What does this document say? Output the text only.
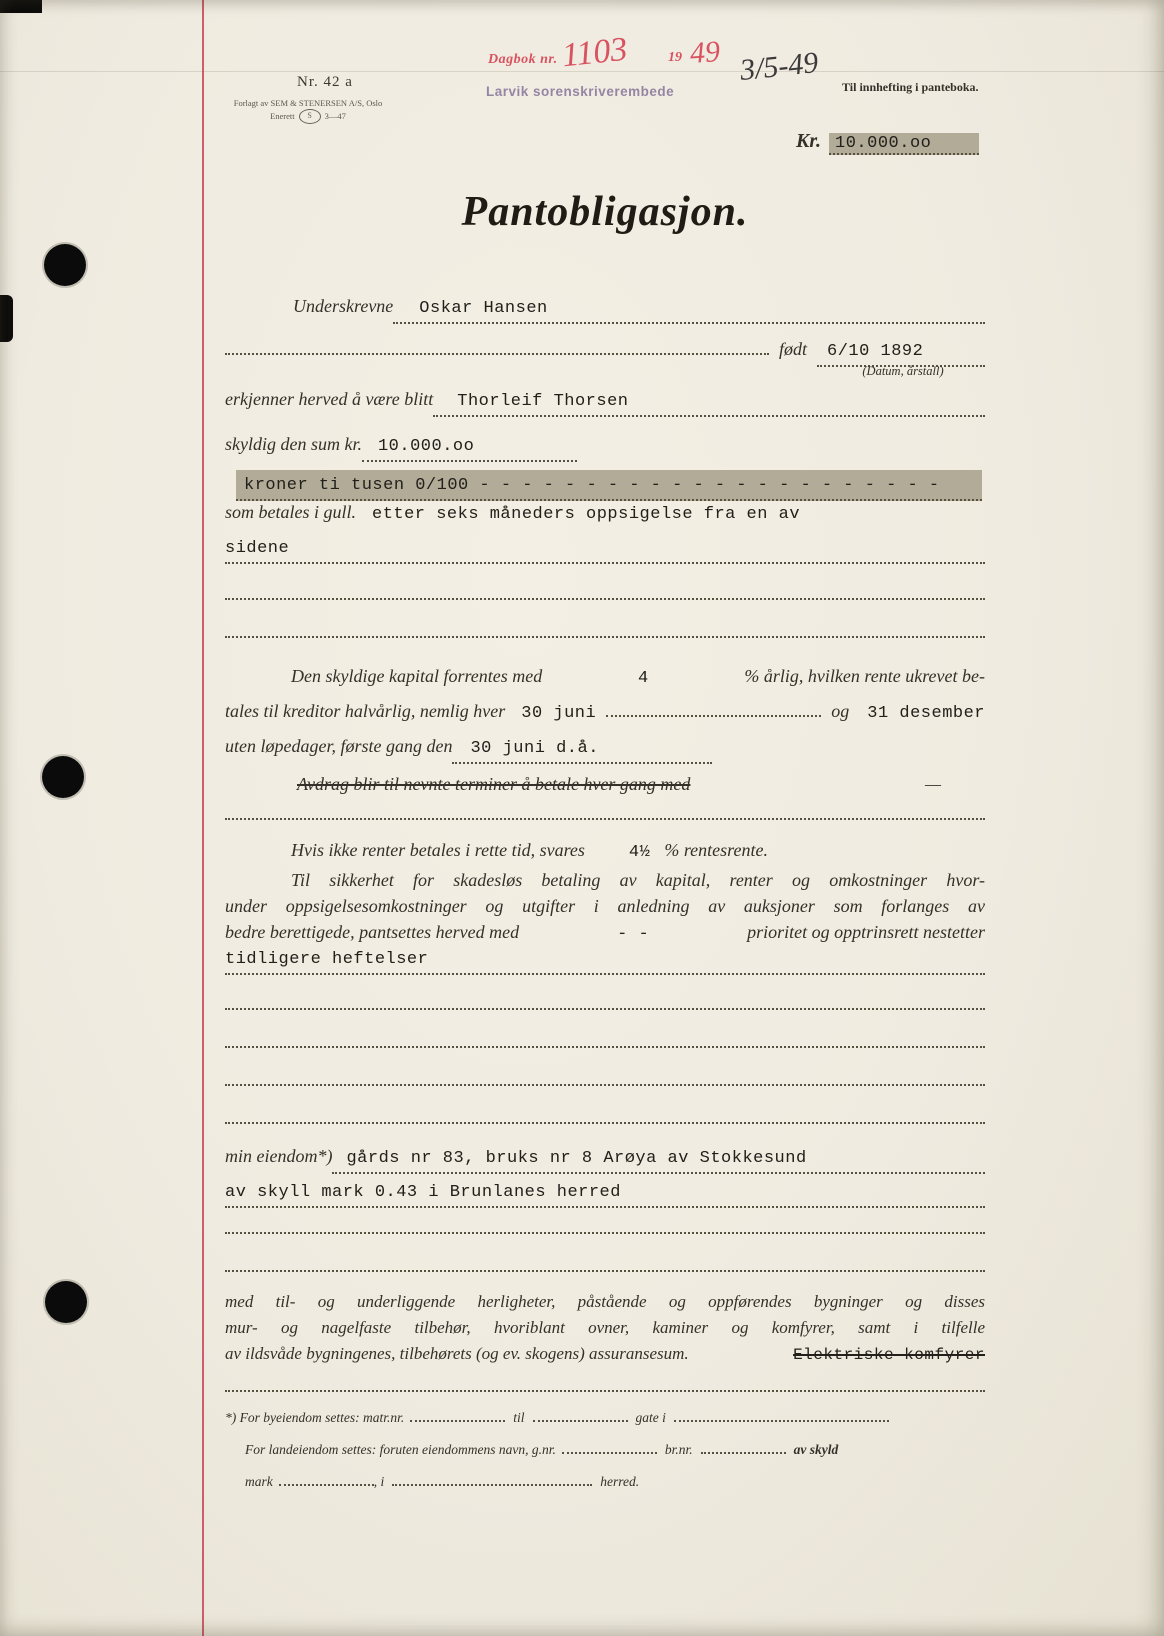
Nr. 42 a
Forlagt av SEM & STENERSEN A/S, Oslo
Enerett	S	3—47
Dagbok nr. 1103	19 49
Larvik sorenskriverembede
3/5-49 Til innhefting i panteboka.
Kr. 10.000.oo
Pantobligasjon.
Underskrevne	Oskar Hansen
født	6/10 1892
(Datum, årstall)
erkjenner herved å være blitt	Thorleif Thorsen
skyldig den sum kr. 10.000.oo
kroner ti tusen 0/100 - - - - - - - - - - - - - - - - - - - - - -
som betales i gull. etter seks måneders oppsigelse fra en av
sidene
Den skyldige kapital forrentes med	4	% årlig, hvilken rente ukrevet be-
tales til kreditor halvårlig, nemlig hver 30 juni	og 31 desember
uten løpedager, første gang den	30 juni d.å.
Avdrag blir til nevnte terminer å betale hver gang med	—
Hvis ikke renter betales i rette tid, svares	4½ % rentesrente.
Til sikkerhet for skadesløs betaling av kapital, renter og omkostninger hvor-
under oppsigelsesomkostninger og utgifter i anledning av auksjoner som forlanges av
bedre berettigede, pantsettes herved med	- -	prioritet og opptrinsrett nestetter
tidligere heftelser
min eiendom*) gårds nr 83, bruks nr 8 Arøya av Stokkesund
av skyll mark 0.43 i Brunlanes herred
med til- og underliggende herligheter, påstående og oppførendes bygninger og disses
mur- og nagelfaste tilbehør, hvoriblant ovner, kaminer og komfyrer, samt i tilfelle
av ildsvåde bygningenes, tilbehørets (og ev. skogens) assuransesum.	Elektriske komfyrer
*) For byeiendom settes: matr.nr.	til	gate i
For landeiendom settes: foruten eiendommens navn, g.nr.	br.nr.	av skyld
mark	, i	herred.
